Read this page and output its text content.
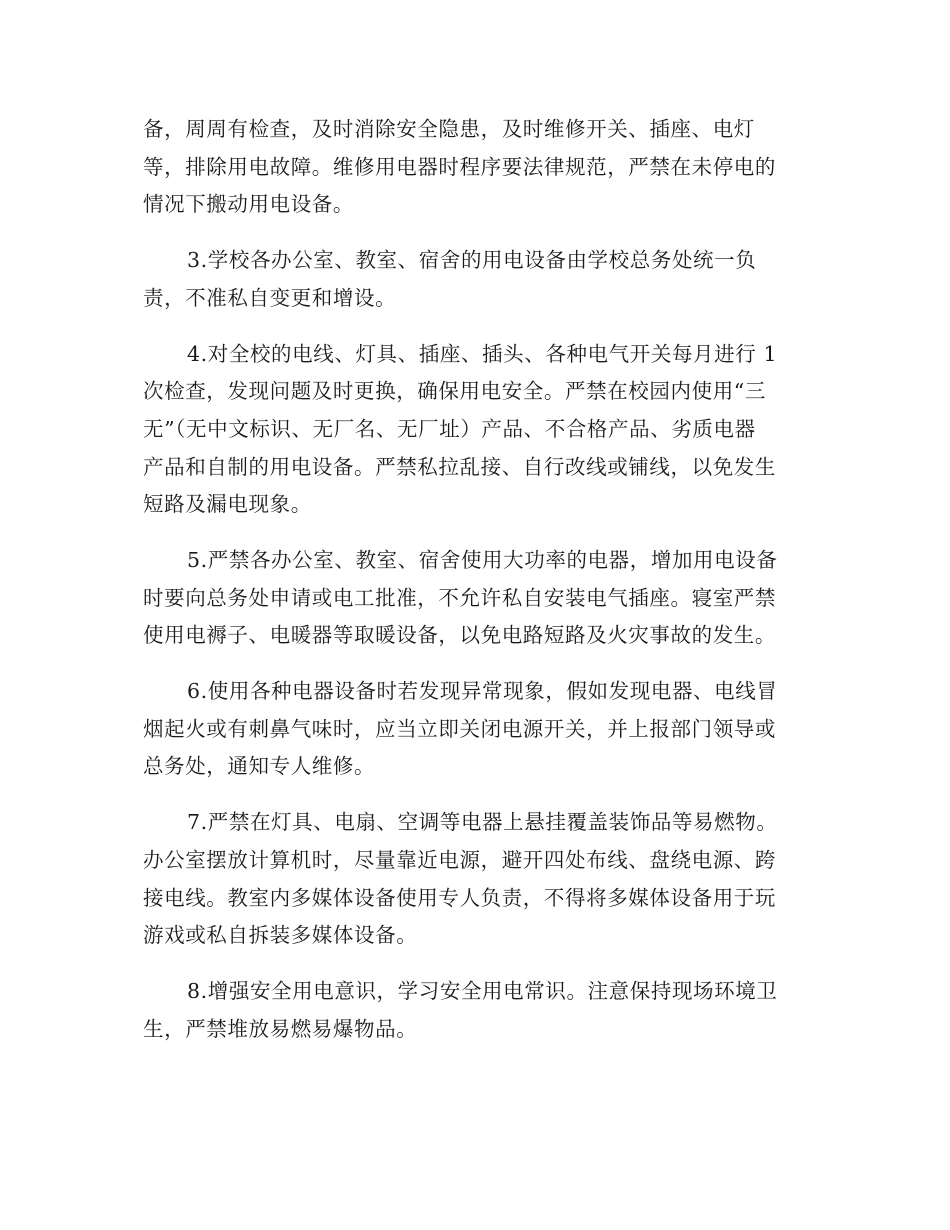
备，周周有检查，及时消除安全隐患，及时维修开关、插座、电灯
等，排除用电故障。维修用电器时程序要法律规范，严禁在未停电的
情况下搬动用电设备。

3.学校各办公室、教室、宿舍的用电设备由学校总务处统一负
责，不准私自变更和增设。

4.对全校的电线、灯具、插座、插头、各种电气开关每月进行 1
次检查，发现问题及时更换，确保用电安全。严禁在校园内使用“三
无”（无中文标识、无厂名、无厂址）产品、不合格产品、劣质电器
产品和自制的用电设备。严禁私拉乱接、自行改线或铺线，以免发生
短路及漏电现象。

5.严禁各办公室、教室、宿舍使用大功率的电器，增加用电设备
时要向总务处申请或电工批准，不允许私自安装电气插座。寝室严禁
使用电褥子、电暖器等取暖设备，以免电路短路及火灾事故的发生。

6.使用各种电器设备时若发现异常现象，假如发现电器、电线冒
烟起火或有刺鼻气味时，应当立即关闭电源开关，并上报部门领导或
总务处，通知专人维修。

7.严禁在灯具、电扇、空调等电器上悬挂覆盖装饰品等易燃物。
办公室摆放计算机时，尽量靠近电源，避开四处布线、盘绕电源、跨
接电线。教室内多媒体设备使用专人负责，不得将多媒体设备用于玩
游戏或私自拆装多媒体设备。

8.增强安全用电意识，学习安全用电常识。注意保持现场环境卫
生，严禁堆放易燃易爆物品。
